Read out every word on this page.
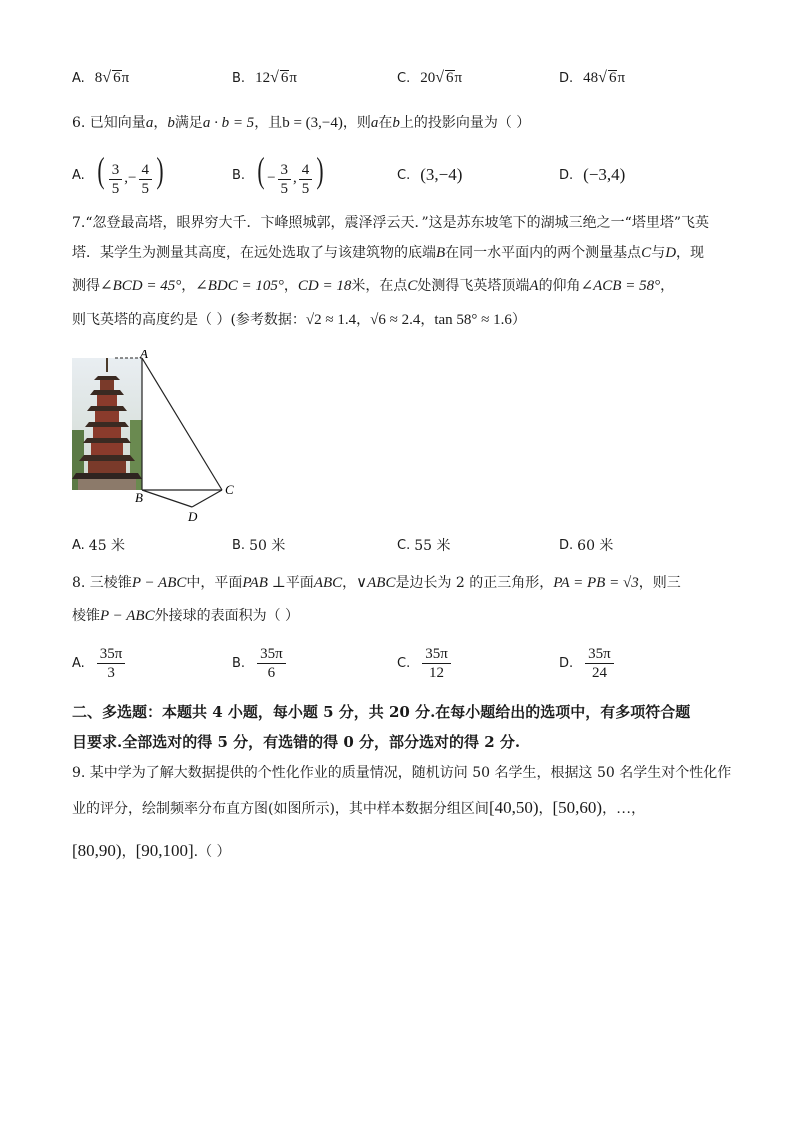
A. 8√ 6π	B. 12√ 6π	C. 20√ 6π	D. 48√ 6π
6. 已知向量a，b满足a · b = 5，且b = (3,−4)，则a在b上的投影向量为（ ）
A. ( $\frac{3}{5}$ ,− $\frac{4}{5}$ )	B. ( − $\frac{3}{5}$ , $\frac{4}{5}$ )	C. (3,−4)	D. (−3,4)
7.“忽登最高塔，眼界穷大千．卞峰照城郭，震泽浮云天．”这是苏东坡笔下的湖城三绝之一“塔里塔”飞英
塔．某学生为测量其高度，在远处选取了与该建筑物的底端B在同一水平面内的两个测量基点C与D，现
测得∠BCD = 45°，∠BDC = 105°，CD = 18米，在点C处测得飞英塔顶端A的仰角∠ACB = 58°，
则飞英塔的高度约是（ ）(参考数据：√2 ≈ 1.4，√6 ≈ 2.4，tan 58° ≈ 1.6）
A
B
C
D
A. 45 米	B. 50 米	C. 55 米	D. 60 米
8. 三棱锥P − ABC中，平面PAB ⊥平面ABC，∨ABC是边长为 2 的正三角形，PA = PB = √3，则三
棱锥P − ABC外接球的表面积为（ ）
A. $\frac{35\pi}{3}$	B. $\frac{35\pi}{6}$	C. $\frac{35\pi}{12}$	D. $\frac{35\pi}{24}$
二、多选题：本题共 4 小题，每小题 5 分，共 20 分.在每小题给出的选项中，有多项符合题
目要求.全部选对的得 5 分，有选错的得 0 分，部分选对的得 2 分.
9. 某中学为了解大数据提供的个性化作业的质量情况，随机访问 50 名学生，根据这 50 名学生对个性化作
业的评分，绘制频率分布直方图(如图所示)，其中样本数据分组区间[40,50)，[50,60)，…，
[80,90)，[90,100].（ ）
